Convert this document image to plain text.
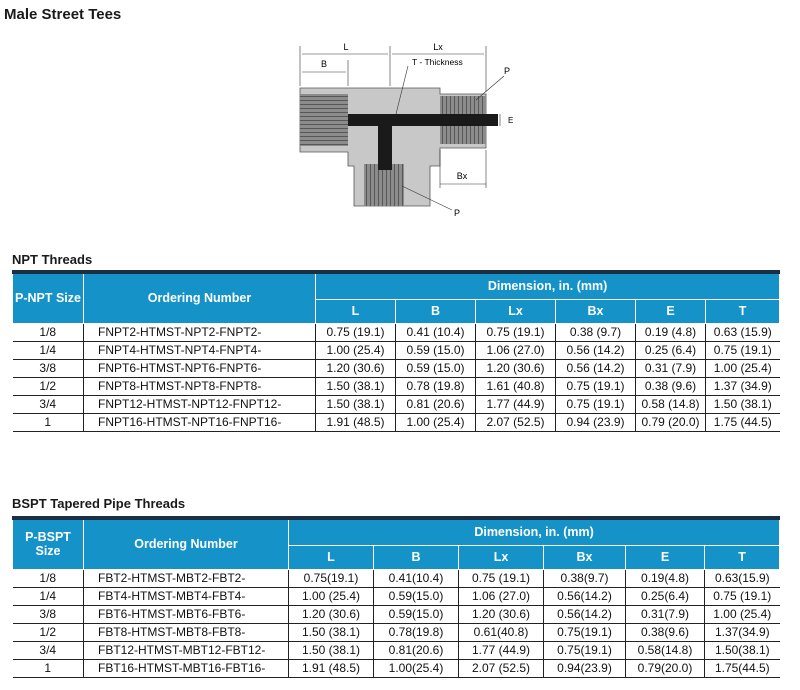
Male Street Tees
L	Lx
B	T - Thickness
P
E
Bx
P
NPT Threads
P-NPT Size	Ordering Number	Dimension, in. (mm)					
		L	B	Lx	Bx	E	T
1/8	FNPT2-HTMST-NPT2-FNPT2-	0.75 (19.1)	0.41 (10.4)	0.75 (19.1)	0.38 (9.7)	0.19 (4.8)	0.63 (15.9)
1/4	FNPT4-HTMST-NPT4-FNPT4-	1.00 (25.4)	0.59 (15.0)	1.06 (27.0)	0.56 (14.2)	0.25 (6.4)	0.75 (19.1)
3/8	FNPT6-HTMST-NPT6-FNPT6-	1.20 (30.6)	0.59 (15.0)	1.20 (30.6)	0.56 (14.2)	0.31 (7.9)	1.00 (25.4)
1/2	FNPT8-HTMST-NPT8-FNPT8-	1.50 (38.1)	0.78 (19.8)	1.61 (40.8)	0.75 (19.1)	0.38 (9.6)	1.37 (34.9)
3/4	FNPT12-HTMST-NPT12-FNPT12-	1.50 (38.1)	0.81 (20.6)	1.77 (44.9)	0.75 (19.1)	0.58 (14.8)	1.50 (38.1)
1	FNPT16-HTMST-NPT16-FNPT16-	1.91 (48.5)	1.00 (25.4)	2.07 (52.5)	0.94 (23.9)	0.79 (20.0)	1.75 (44.5)
BSPT Tapered Pipe Threads
P-BSPT Size	Ordering Number	Dimension, in. (mm)					
		L	B	Lx	Bx	E	T
1/8	FBT2-HTMST-MBT2-FBT2-	0.75(19.1)	0.41(10.4)	0.75 (19.1)	0.38(9.7)	0.19(4.8)	0.63(15.9)
1/4	FBT4-HTMST-MBT4-FBT4-	1.00 (25.4)	0.59(15.0)	1.06 (27.0)	0.56(14.2)	0.25(6.4)	0.75 (19.1)
3/8	FBT6-HTMST-MBT6-FBT6-	1.20 (30.6)	0.59(15.0)	1.20 (30.6)	0.56(14.2)	0.31(7.9)	1.00 (25.4)
1/2	FBT8-HTMST-MBT8-FBT8-	1.50 (38.1)	0.78(19.8)	0.61(40.8)	0.75(19.1)	0.38(9.6)	1.37(34.9)
3/4	FBT12-HTMST-MBT12-FBT12-	1.50 (38.1)	0.81(20.6)	1.77 (44.9)	0.75(19.1)	0.58(14.8)	1.50(38.1)
1	FBT16-HTMST-MBT16-FBT16-	1.91 (48.5)	1.00(25.4)	2.07 (52.5)	0.94(23.9)	0.79(20.0)	1.75(44.5)
